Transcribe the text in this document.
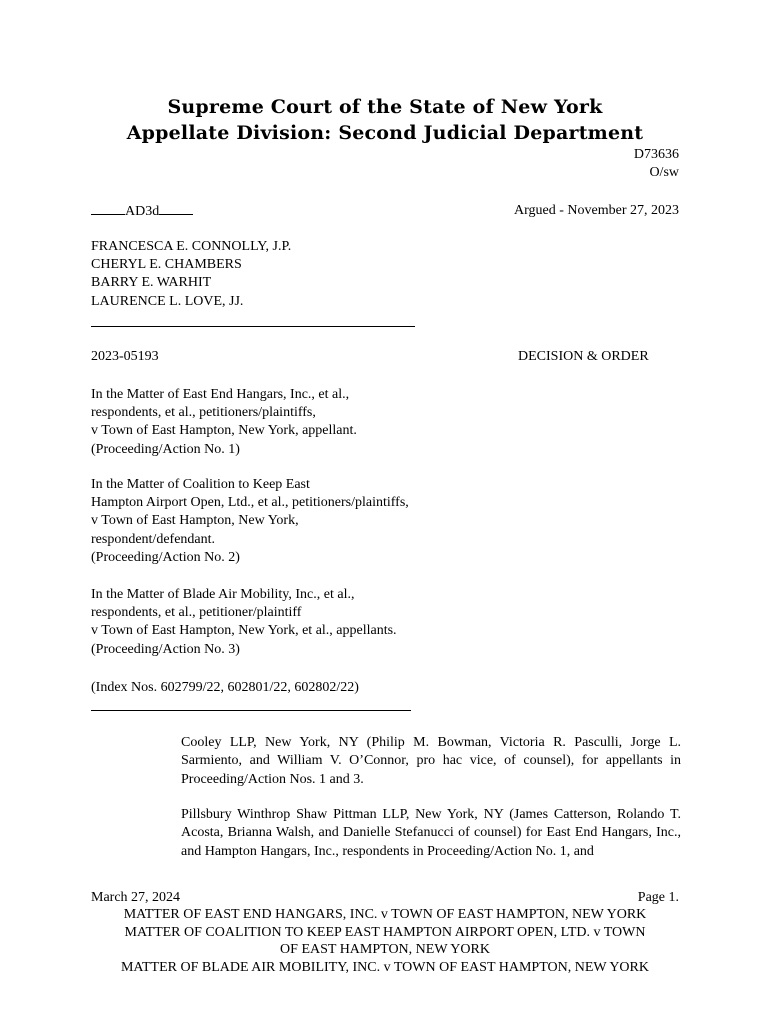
Supreme Court of the State of New York
Appellate Division: Second Judicial Department
D73636
O/sw
AD3d	Argued - November 27, 2023
FRANCESCA E. CONNOLLY, J.P.
CHERYL E. CHAMBERS
BARRY E. WARHIT
LAURENCE L. LOVE, JJ.
2023-05193	DECISION & ORDER
In the Matter of East End Hangars, Inc., et al.,
respondents, et al., petitioners/plaintiffs,
v Town of East Hampton, New York, appellant.
(Proceeding/Action No. 1)
In the Matter of Coalition to Keep East
Hampton Airport Open, Ltd., et al., petitioners/plaintiffs,
v Town of East Hampton, New York,
respondent/defendant.
(Proceeding/Action No. 2)
In the Matter of Blade Air Mobility, Inc., et al.,
respondents, et al., petitioner/plaintiff
v Town of East Hampton, New York, et al., appellants.
(Proceeding/Action No. 3)
(Index Nos. 602799/22, 602801/22, 602802/22)
Cooley LLP, New York, NY (Philip M. Bowman, Victoria R. Pasculli, Jorge L. Sarmiento, and William V. O’Connor, pro hac vice, of counsel), for appellants in Proceeding/Action Nos. 1 and 3.
Pillsbury Winthrop Shaw Pittman LLP, New York, NY (James Catterson, Rolando T. Acosta, Brianna Walsh, and Danielle Stefanucci of counsel) for East End Hangars, Inc., and Hampton Hangars, Inc., respondents in Proceeding/Action No. 1, and
March 27, 2024	Page 1.
MATTER OF EAST END HANGARS, INC. v TOWN OF EAST HAMPTON, NEW YORK
MATTER OF COALITION TO KEEP EAST HAMPTON AIRPORT OPEN, LTD. v TOWN
OF EAST HAMPTON, NEW YORK
MATTER OF BLADE AIR MOBILITY, INC. v TOWN OF EAST HAMPTON, NEW YORK
